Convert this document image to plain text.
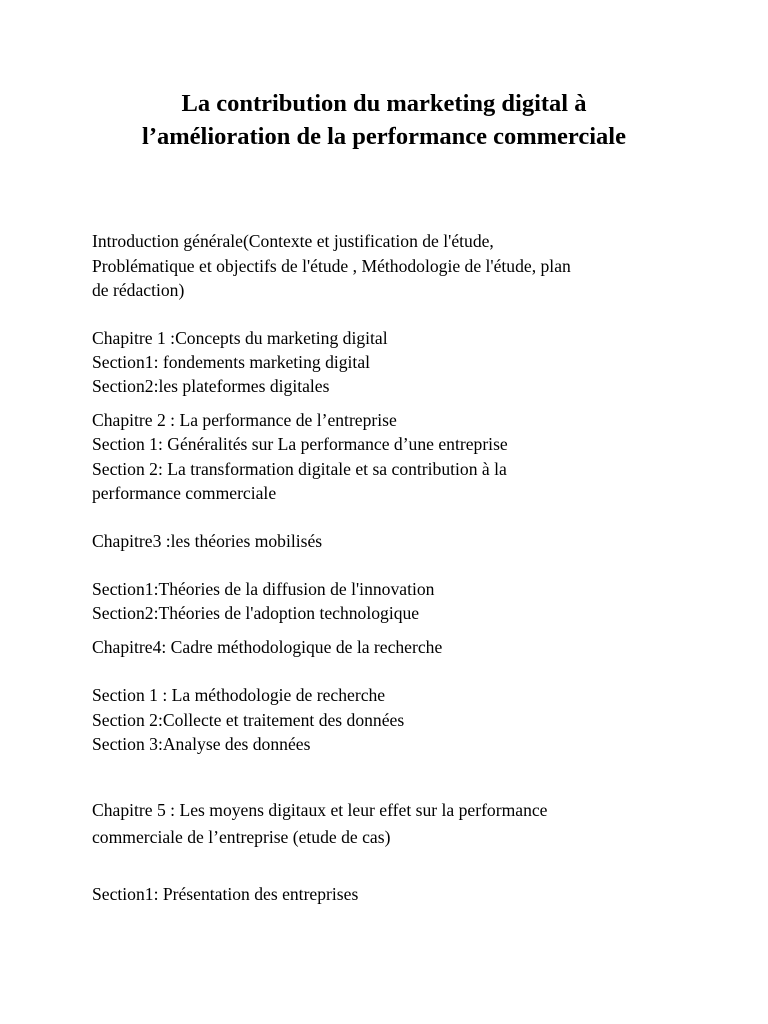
La contribution du marketing digital à
l’amélioration de la performance commerciale
Introduction générale(Contexte et justification de l'étude,
Problématique et objectifs de l'étude , Méthodologie de l'étude, plan
de rédaction)
Chapitre 1 :Concepts du marketing digital
Section1: fondements marketing digital
Section2:les plateformes digitales
Chapitre 2 : La performance de l’entreprise
Section 1: Généralités sur La performance d’une entreprise
Section 2: La transformation digitale et sa contribution à la
performance commerciale
Chapitre3 :les théories mobilisés
Section1:Théories de la diffusion de l'innovation
Section2:Théories de l'adoption technologique
Chapitre4: Cadre méthodologique de la recherche
Section 1 : La méthodologie de recherche
Section 2:Collecte et traitement des données
Section 3:Analyse des données
Chapitre 5 : Les moyens digitaux et leur effet sur la performance
commerciale de l’entreprise (etude de cas)
Section1: Présentation des entreprises
